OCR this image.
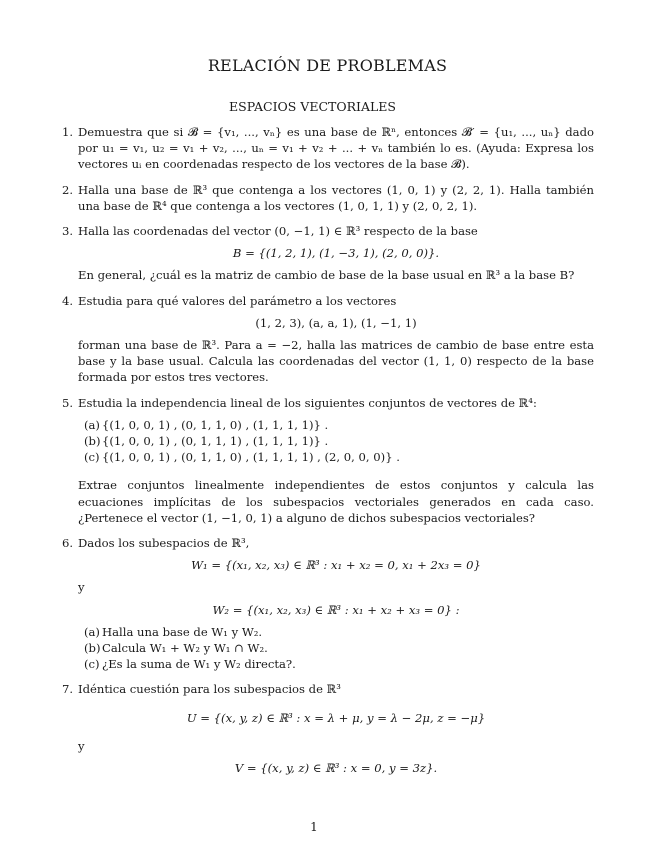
RELACIÓN DE PROBLEMAS
ESPACIOS VECTORIALES
1. Demuestra que si 𝓑 = {v₁, ..., vₙ} es una base de ℝⁿ, entonces 𝓑′ = {u₁, ..., uₙ} dado por u₁ = v₁, u₂ = v₁ + v₂, ..., uₙ = v₁ + v₂ + ... + vₙ también lo es. (Ayuda: Expresa los vectores uᵢ en coordenadas respecto de los vectores de la base 𝓑).

2. Halla una base de ℝ³ que contenga a los vectores (1, 0, 1) y (2, 2, 1). Halla también una base de ℝ⁴ que contenga a los vectores (1, 0, 1, 1) y (2, 0, 2, 1).

3. Halla las coordenadas del vector (0, −1, 1) ∈ ℝ³ respecto de la base

B = {(1, 2, 1), (1, −3, 1), (2, 0, 0)}.

En general, ¿cuál es la matriz de cambio de base de la base usual en ℝ³ a la base B?

4. Estudia para qué valores del parámetro a los vectores

(1, 2, 3), (a, a, 1), (1, −1, 1)

forman una base de ℝ³. Para a = −2, halla las matrices de cambio de base entre esta base y la base usual. Calcula las coordenadas del vector (1, 1, 0) respecto de la base formada por estos tres vectores.

5. Estudia la independencia lineal de los siguientes conjuntos de vectores de ℝ⁴:

(a) {(1, 0, 0, 1) , (0, 1, 1, 0) , (1, 1, 1, 1)} .
(b) {(1, 0, 0, 1) , (0, 1, 1, 1) , (1, 1, 1, 1)} .
(c) {(1, 0, 0, 1) , (0, 1, 1, 0) , (1, 1, 1, 1) , (2, 0, 0, 0)} .

Extrae conjuntos linealmente independientes de estos conjuntos y calcula las ecuaciones implícitas de los subespacios vectoriales generados en cada caso. ¿Pertenece el vector (1, −1, 0, 1) a alguno de dichos subespacios vectoriales?

6. Dados los subespacios de ℝ³,

W₁ = {(x₁, x₂, x₃) ∈ ℝ³ : x₁ + x₂ = 0, x₁ + 2x₃ = 0}

y

W₂ = {(x₁, x₂, x₃) ∈ ℝ³ : x₁ + x₂ + x₃ = 0} :
(a) Halla una base de W₁ y W₂.
(b) Calcula W₁ + W₂ y W₁ ∩ W₂.
(c) ¿Es la suma de W₁ y W₂ directa?.
7. Idéntica cuestión para los subespacios de ℝ³

U = {(x, y, z) ∈ ℝ³ : x = λ + μ, y = λ − 2μ, z = −μ}

y

V = {(x, y, z) ∈ ℝ³ : x = 0, y = 3z}.
1
